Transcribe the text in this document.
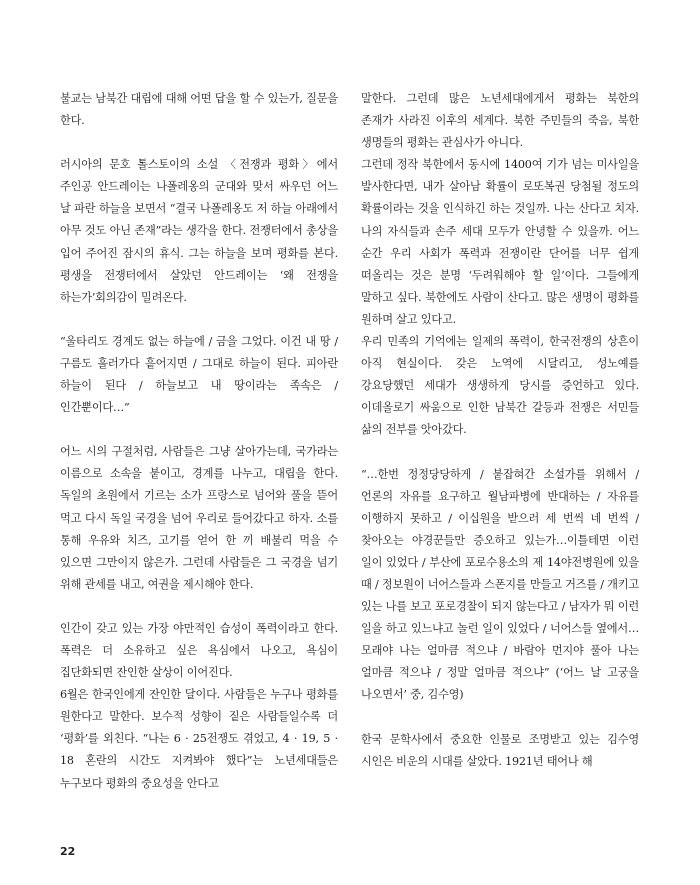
불교는 남북간 대립에 대해 어떤 답을 할 수 있는가, 질문을 한다.

러시아의 문호 톨스토이의 소설 〈전쟁과 평화〉에서 주인공 안드레이는 나폴레옹의 군대와 맞서 싸우던 어느 날 파란 하늘을 보면서 “결국 나폴레옹도 저 하늘 아래에서 아무 것도 아닌 존재”라는 생각을 한다. 전쟁터에서 총상을 입어 주어진 잠시의 휴식. 그는 하늘을 보며 평화를 본다. 평생을 전쟁터에서 살았던 안드레이는 ‘왜 전쟁을 하는가’회의감이 밀려온다.

“울타리도 경계도 없는 하늘에 / 금을 그었다. 이건 내 땅 / 구름도 흘러가다 흩어지면 / 그대로 하늘이 된다. 피아란 하늘이 된다 / 하늘보고 내 땅이라는 족속은 / 인간뿐이다…”

어느 시의 구절처럼, 사람들은 그냥 살아가는데, 국가라는 이름으로 소속을 붙이고, 경계를 나누고, 대립을 한다. 독일의 초원에서 기르는 소가 프랑스로 넘어와 풀을 뜯어 먹고 다시 독일 국경을 넘어 우리로 들어갔다고 하자. 소를 통해 우유와 치즈, 고기를 얻어 한 끼 배불리 먹을 수 있으면 그만이지 않은가. 그런데 사람들은 그 국경을 넘기 위해 관세를 내고, 여권을 제시해야 한다.

인간이 갖고 있는 가장 야만적인 습성이 폭력이라고 한다. 폭력은 더 소유하고 싶은 욕심에서 나오고, 욕심이 집단화되면 잔인한 살상이 이어진다.

6월은 한국인에게 잔인한 달이다. 사람들은 누구나 평화를 원한다고 말한다. 보수적 성향이 짙은 사람들일수록 더 ‘평화’를 외친다. “나는 6 · 25전쟁도 겪었고, 4 · 19, 5 · 18 혼란의 시간도 지켜봐야 했다”는 노년세대들은 누구보다 평화의 중요성을 안다고

말한다. 그런데 많은 노년세대에게서 평화는 북한의 존재가 사라진 이후의 세계다. 북한 주민들의 죽음, 북한 생명들의 평화는 관심사가 아니다.

그런데 정작 북한에서 동시에 1400여 기가 넘는 미사일을 발사한다면, 내가 살아남 확률이 로또복권 당첨될 정도의 확률이라는 것을 인식하긴 하는 것일까. 나는 산다고 치자. 나의 자식들과 손주 세대 모두가 안녕할 수 있을까. 어느 순간 우리 사회가 폭력과 전쟁이란 단어를 너무 쉽게 떠올리는 것은 분명 ‘두려워해야 할 일’이다. 그들에게 말하고 싶다. 북한에도 사람이 산다고. 많은 생명이 평화를 원하며 살고 있다고.

우리 민족의 기억에는 일제의 폭력이, 한국전쟁의 상흔이 아직 현실이다. 갖은 노역에 시달리고, 성노예를 강요당했던 세대가 생생하게 당시를 증언하고 있다. 이데올로기 싸움으로 인한 남북간 갈등과 전쟁은 서민들 삶의 전부를 앗아갔다.

“…한번 정정당당하게 / 붙잡혀간 소설가를 위해서 / 언론의 자유를 요구하고 월남파병에 반대하는 / 자유를 이행하지 못하고 / 이십원을 받으러 세 번씩 네 번씩 / 찾아오는 야경꾼들만 증오하고 있는가…이틀테면 이런 일이 있었다 / 부산에 포로수용소의 제 14야전병원에 있을 때 / 정보원이 너어스들과 스폰지를 만들고 거즈를 / 개키고 있는 나를 보고 포로경찰이 되지 않는다고 / 남자가 뭐 이런 일을 하고 있느냐고 놀런 일이 있었다 / 너어스들 옆에서…모래야 나는 얼마큼 적으냐 / 바람아 먼지야 풀아 나는 얼마큼 적으냐 / 정말 얼마큼 적으냐” (‘어느 날 고궁을 나오면서’ 중, 김수영)

한국 문학사에서 중요한 인물로 조명받고 있는 김수영 시인은 비운의 시대를 살았다. 1921년 태어나 해

22
